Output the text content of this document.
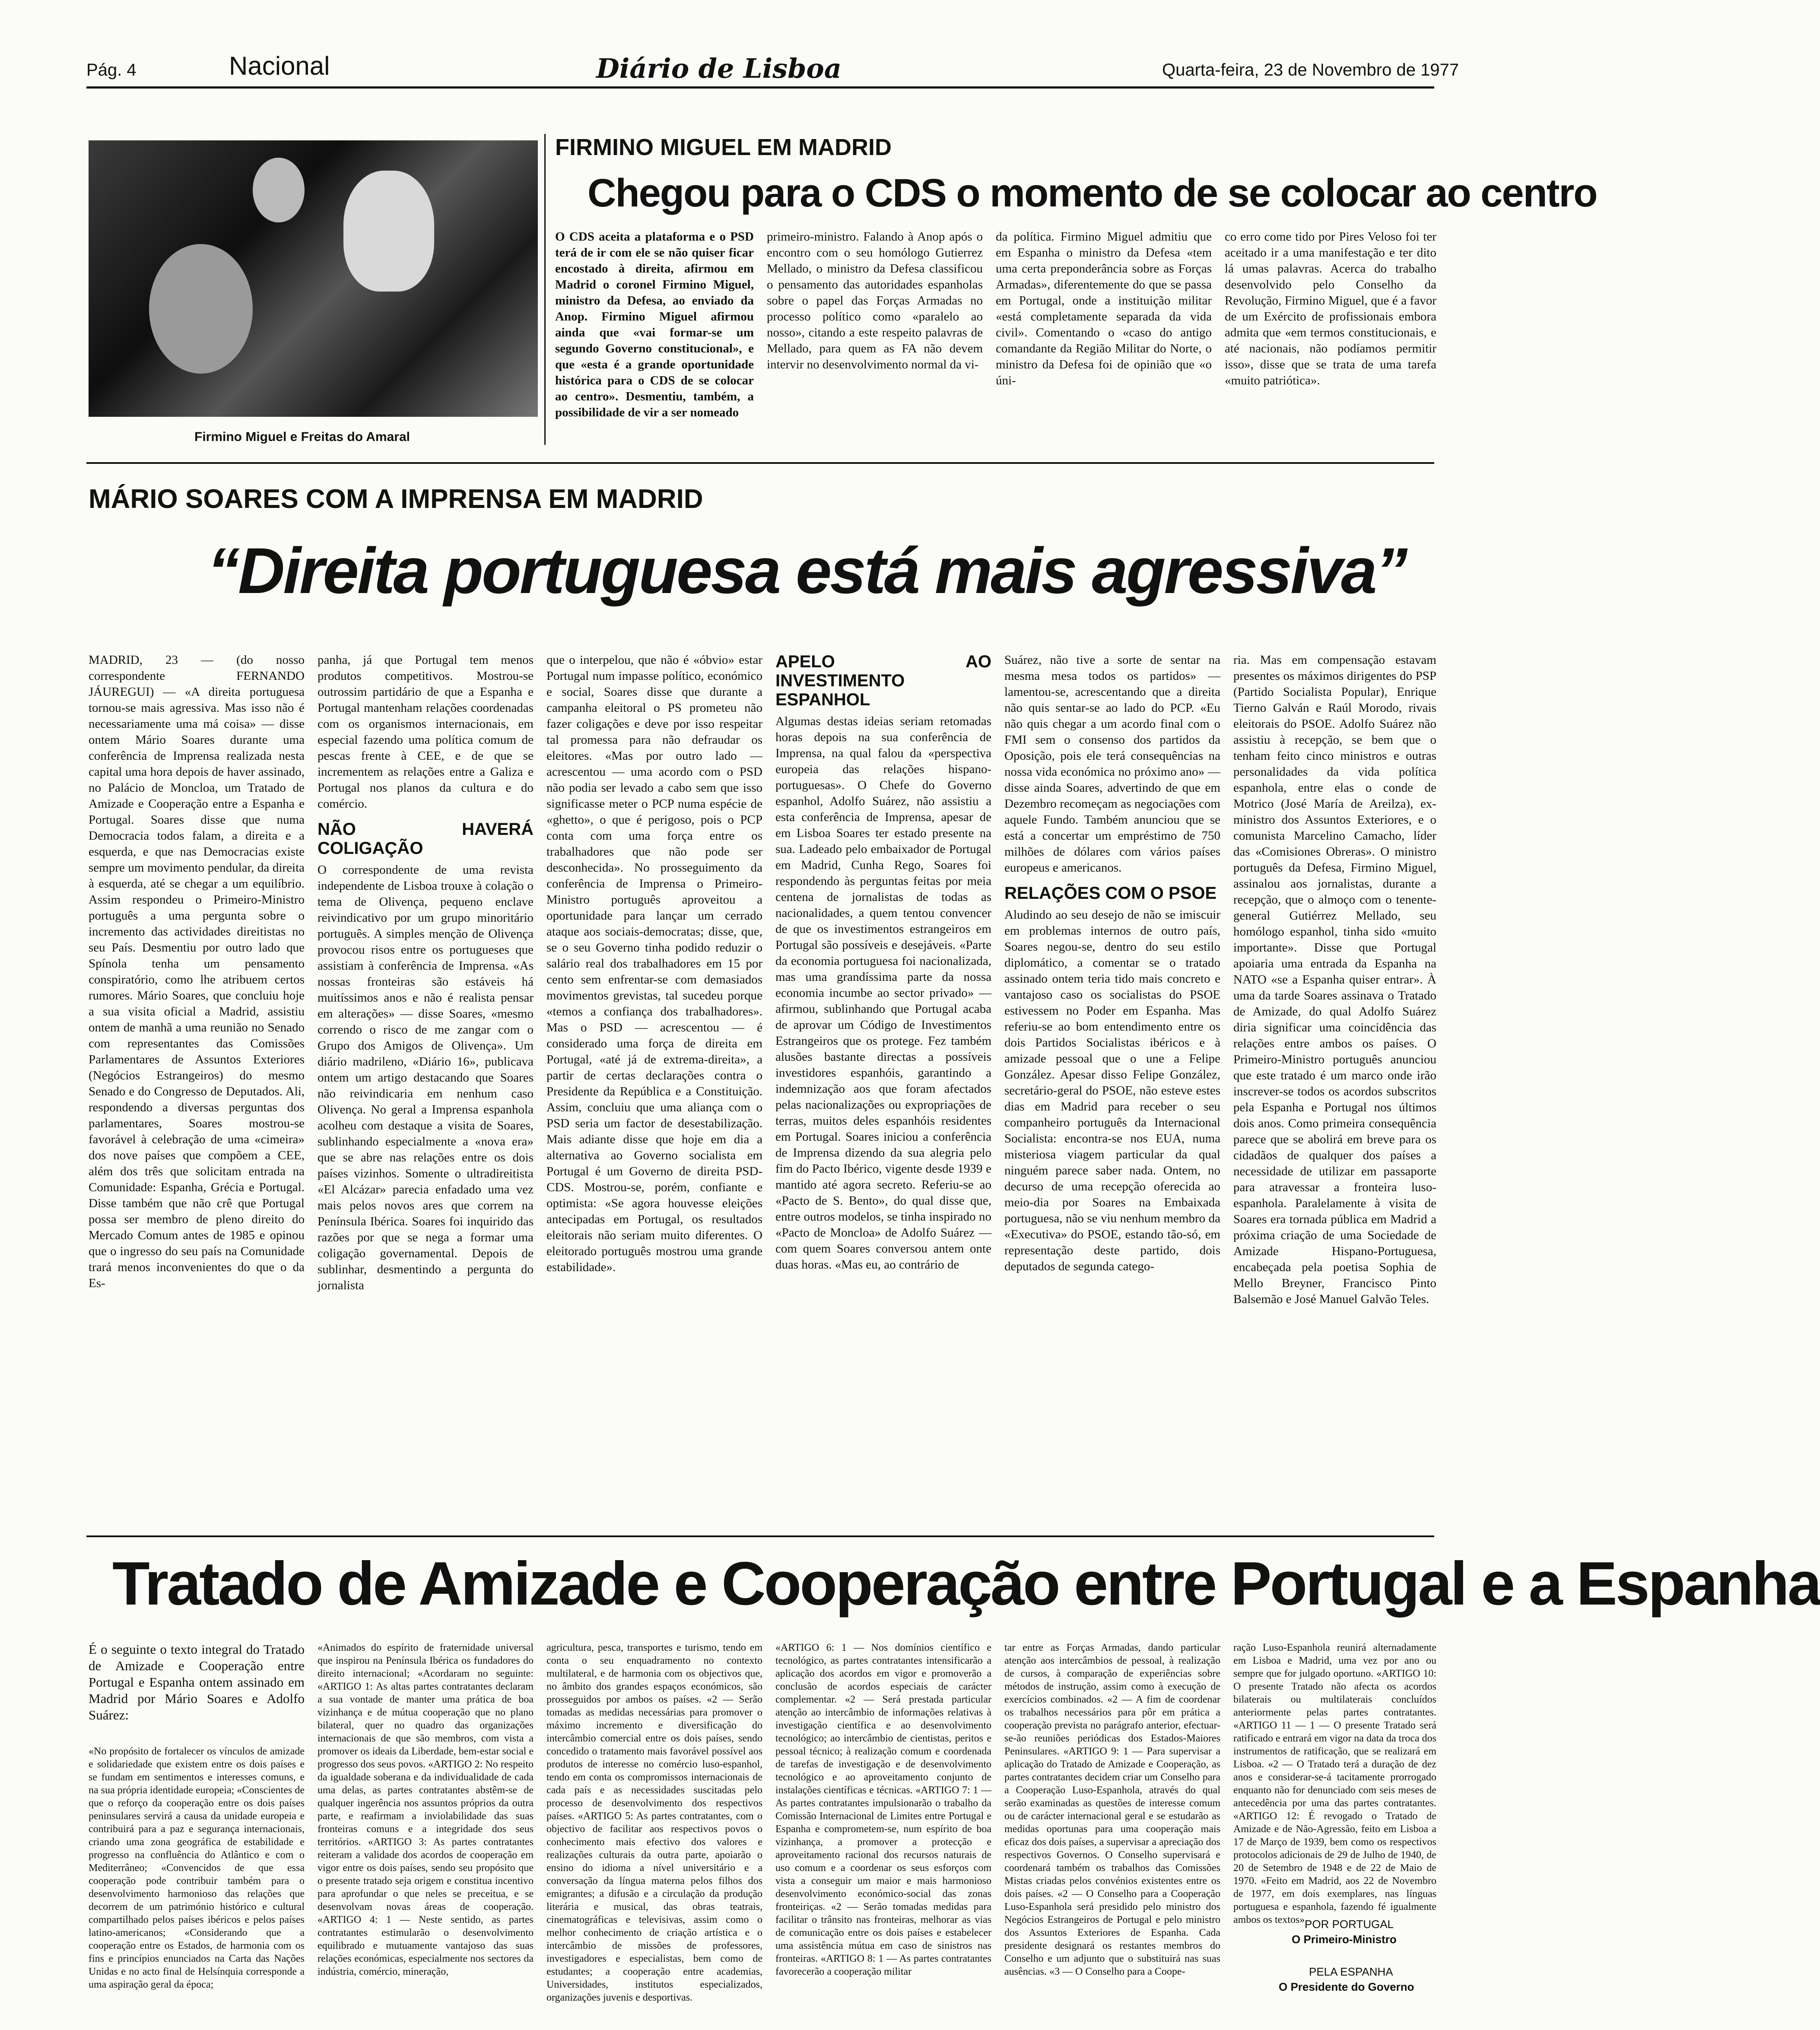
Pág. 4	Nacional	Diário de Lisboa	Quarta-feira, 23 de Novembro de 1977
Firmino Miguel e Freitas do Amaral
FIRMINO MIGUEL EM MADRID
Chegou para o CDS o momento de se colocar ao centro

O CDS aceita a plataforma e o PSD terá de ir com ele se não quiser ficar encostado à direita, afirmou em Madrid o coronel Firmino Miguel, ministro da Defesa, ao enviado da Anop. Firmino Miguel afirmou ainda que «vai formar-se um segundo Governo constitucional», e que «esta é a grande oportunidade histórica para o CDS de se colocar ao centro». Desmentiu, também, a possibilidade de vir a ser nomeado

primeiro-ministro. Falando à Anop após o encontro com o seu homólogo Gutierrez Mellado, o ministro da Defesa classificou o pensamento das autoridades espanholas sobre o papel das Forças Armadas no processo político como «paralelo ao nosso», citando a este respeito palavras de Mellado, para quem as FA não devem intervir no desenvolvimento normal da vi-

da política. Firmino Miguel admitiu que em Espanha o ministro da Defesa «tem uma certa preponderância sobre as Forças Armadas», diferentemente do que se passa em Portugal, onde a instituição militar «está completamente separada da vida civil». Comentando o «caso do antigo comandante da Região Militar do Norte, o ministro da Defesa foi de opinião que «o úni-

co erro come tido por Pires Veloso foi ter aceitado ir a uma manifestação e ter dito lá umas palavras. Acerca do trabalho desenvolvido pelo Conselho da Revolução, Firmino Miguel, que é a favor de um Exército de profissionais embora admita que «em termos constitucionais, e até nacionais, não podíamos permitir isso», disse que se trata de uma tarefa «muito patriótica».

MÁRIO SOARES COM A IMPRENSA EM MADRID
“Direita portuguesa está mais agressiva”

MADRID, 23 — (do nosso correspondente FERNANDO JÁUREGUI) — «A direita portuguesa tornou-se mais agressiva. Mas isso não é necessariamente uma má coisa» — disse ontem Mário Soares durante uma conferência de Imprensa realizada nesta capital uma hora depois de haver assinado, no Palácio de Moncloa, um Tratado de Amizade e Cooperação entre a Espanha e Portugal. Soares disse que numa Democracia todos falam, a direita e a esquerda, e que nas Democracias existe sempre um movimento pendular, da direita à esquerda, até se chegar a um equilíbrio. Assim respondeu o Primeiro-Ministro português a uma pergunta sobre o incremento das actividades direitistas no seu País. Desmentiu por outro lado que Spínola tenha um pensamento conspiratório, como lhe atribuem certos rumores. Mário Soares, que concluiu hoje a sua visita oficial a Madrid, assistiu ontem de manhã a uma reunião no Senado com representantes das Comissões Parlamentares de Assuntos Exteriores (Negócios Estrangeiros) do mesmo Senado e do Congresso de Deputados. Ali, respondendo a diversas perguntas dos parlamentares, Soares mostrou-se favorável à celebração de uma «cimeira» dos nove países que compõem a CEE, além dos três que solicitam entrada na Comunidade: Espanha, Grécia e Portugal. Disse também que não crê que Portugal possa ser membro de pleno direito do Mercado Comum antes de 1985 e opinou que o ingresso do seu país na Comunidade trará menos inconvenientes do que o da Es-

panha, já que Portugal tem menos produtos competitivos. Mostrou-se outrossim partidário de que a Espanha e Portugal mantenham relações coordenadas com os organismos internacionais, em especial fazendo uma política comum de pescas frente à CEE, e de que se incrementem as relações entre a Galiza e Portugal nos planos da cultura e do comércio.

NÃO HAVERÁ COLIGAÇÃO

O correspondente de uma revista independente de Lisboa trouxe à colação o tema de Olivença, pequeno enclave reivindicativo por um grupo minoritário português. A simples menção de Olivença provocou risos entre os portugueses que assistiam à conferência de Imprensa. «As nossas fronteiras são estáveis há muitíssimos anos e não é realista pensar em alterações» — disse Soares, «mesmo correndo o risco de me zangar com o Grupo dos Amigos de Olivença». Um diário madrileno, «Diário 16», publicava ontem um artigo destacando que Soares não reivindicaria em nenhum caso Olivença. No geral a Imprensa espanhola acolheu com destaque a visita de Soares, sublinhando especialmente a «nova era» que se abre nas relações entre os dois países vizinhos. Somente o ultradireitista «El Alcázar» parecia enfadado uma vez mais pelos novos ares que correm na Península Ibérica. Soares foi inquirido das razões por que se nega a formar uma coligação governamental. Depois de sublinhar, desmentindo a pergunta do jornalista

que o interpelou, que não é «óbvio» estar Portugal num impasse político, económico e social, Soares disse que durante a campanha eleitoral o PS prometeu não fazer coligações e deve por isso respeitar tal promessa para não defraudar os eleitores. «Mas por outro lado — acrescentou — uma acordo com o PSD não podia ser levado a cabo sem que isso significasse meter o PCP numa espécie de «ghetto», o que é perigoso, pois o PCP conta com uma força entre os trabalhadores que não pode ser desconhecida». No prosseguimento da conferência de Imprensa o Primeiro-Ministro português aproveitou a oportunidade para lançar um cerrado ataque aos sociais-democratas; disse, que, se o seu Governo tinha podido reduzir o salário real dos trabalhadores em 15 por cento sem enfrentar-se com demasiados movimentos grevistas, tal sucedeu porque «temos a confiança dos trabalhadores». Mas o PSD — acrescentou — é considerado uma força de direita em Portugal, «até já de extrema-direita», a partir de certas declarações contra o Presidente da República e a Constituição. Assim, concluiu que uma aliança com o PSD seria um factor de desestabilização. Mais adiante disse que hoje em dia a alternativa ao Governo socialista em Portugal é um Governo de direita PSD-CDS. Mostrou-se, porém, confiante e optimista: «Se agora houvesse eleições antecipadas em Portugal, os resultados eleitorais não seriam muito diferentes. O eleitorado português mostrou uma grande estabilidade».

APELO AO INVESTIMENTO ESPANHOL

Algumas destas ideias seriam retomadas horas depois na sua conferência de Imprensa, na qual falou da «perspectiva europeia das relações hispano-portuguesas». O Chefe do Governo espanhol, Adolfo Suárez, não assistiu a esta conferência de Imprensa, apesar de em Lisboa Soares ter estado presente na sua. Ladeado pelo embaixador de Portugal em Madrid, Cunha Rego, Soares foi respondendo às perguntas feitas por meia centena de jornalistas de todas as nacionalidades, a quem tentou convencer de que os investimentos estrangeiros em Portugal são possíveis e desejáveis. «Parte da economia portuguesa foi nacionalizada, mas uma grandíssima parte da nossa economia incumbe ao sector privado» — afirmou, sublinhando que Portugal acaba de aprovar um Código de Investimentos Estrangeiros que os protege. Fez também alusões bastante directas a possíveis investidores espanhóis, garantindo a indemnização aos que foram afectados pelas nacionalizações ou expropriações de terras, muitos deles espanhóis residentes em Portugal. Soares iniciou a conferência de Imprensa dizendo da sua alegria pelo fim do Pacto Ibérico, vigente desde 1939 e mantido até agora secreto. Referiu-se ao «Pacto de S. Bento», do qual disse que, entre outros modelos, se tinha inspirado no «Pacto de Moncloa» de Adolfo Suárez — com quem Soares conversou antem onte duas horas. «Mas eu, ao contrário de

Suárez, não tive a sorte de sentar na mesma mesa todos os partidos» — lamentou-se, acrescentando que a direita não quis sentar-se ao lado do PCP. «Eu não quis chegar a um acordo final com o FMI sem o consenso dos partidos da Oposição, pois ele terá consequências na nossa vida económica no próximo ano» — disse ainda Soares, advertindo de que em Dezembro recomeçam as negociações com aquele Fundo. Também anunciou que se está a concertar um empréstimo de 750 milhões de dólares com vários países europeus e americanos.

RELAÇÕES COM O PSOE

Aludindo ao seu desejo de não se imiscuir em problemas internos de outro país, Soares negou-se, dentro do seu estilo diplomático, a comentar se o tratado assinado ontem teria tido mais concreto e vantajoso caso os socialistas do PSOE estivessem no Poder em Espanha. Mas referiu-se ao bom entendimento entre os dois Partidos Socialistas ibéricos e à amizade pessoal que o une a Felipe González. Apesar disso Felipe González, secretário-geral do PSOE, não esteve estes dias em Madrid para receber o seu companheiro português da Internacional Socialista: encontra-se nos EUA, numa misteriosa viagem particular da qual ninguém parece saber nada. Ontem, no decurso de uma recepção oferecida ao meio-dia por Soares na Embaixada portuguesa, não se viu nenhum membro da «Executiva» do PSOE, estando tão-só, em representação deste partido, dois deputados de segunda catego-

ria. Mas em compensação estavam presentes os máximos dirigentes do PSP (Partido Socialista Popular), Enrique Tierno Galván e Raúl Morodo, rivais eleitorais do PSOE. Adolfo Suárez não assistiu à recepção, se bem que o tenham feito cinco ministros e outras personalidades da vida política espanhola, entre elas o conde de Motrico (José María de Areilza), ex-ministro dos Assuntos Exteriores, e o comunista Marcelino Camacho, líder das «Comisiones Obreras». O ministro português da Defesa, Firmino Miguel, assinalou aos jornalistas, durante a recepção, que o almoço com o tenente-general Gutiérrez Mellado, seu homólogo espanhol, tinha sido «muito importante». Disse que Portugal apoiaria uma entrada da Espanha na NATO «se a Espanha quiser entrar». À uma da tarde Soares assinava o Tratado de Amizade, do qual Adolfo Suárez diria significar uma coincidência das relações entre ambos os países. O Primeiro-Ministro português anunciou que este tratado é um marco onde irão inscrever-se todos os acordos subscritos pela Espanha e Portugal nos últimos dois anos. Como primeira consequência parece que se abolirá em breve para os cidadãos de qualquer dos países a necessidade de utilizar em passaporte para atravessar a fronteira luso-espanhola. Paralelamente à visita de Soares era tornada pública em Madrid a próxima criação de uma Sociedade de Amizade Hispano-Portuguesa, encabeçada pela poetisa Sophia de Mello Breyner, Francisco Pinto Balsemão e José Manuel Galvão Teles.

Tratado de Amizade e Cooperação entre Portugal e a Espanha

É o seguinte o texto integral do Tratado de Amizade e Cooperação entre Portugal e Espanha ontem assinado em Madrid por Mário Soares e Adolfo Suárez:

«No propósito de fortalecer os vínculos de amizade e solidariedade que existem entre os dois países e se fundam em sentimentos e interesses comuns, e na sua própria identidade europeia; «Conscientes de que o reforço da cooperação entre os dois países peninsulares servirá a causa da unidade europeia e contribuirá para a paz e segurança internacionais, criando uma zona geográfica de estabilidade e progresso na confluência do Atlântico e com o Mediterrâneo; «Convencidos de que essa cooperação pode contribuir também para o desenvolvimento harmonioso das relações que decorrem de um património histórico e cultural compartilhado pelos países ibéricos e pelos países latino-americanos; «Considerando que a cooperação entre os Estados, de harmonia com os fins e princípios enunciados na Carta das Nações Unidas e no acto final de Helsínquia corresponde a uma aspiração geral da época;

«Animados do espírito de fraternidade universal que inspirou na Península Ibérica os fundadores do direito internacional; «Acordaram no seguinte: «ARTIGO 1: As altas partes contratantes declaram a sua vontade de manter uma prática de boa vizinhança e de mútua cooperação que no plano bilateral, quer no quadro das organizações internacionais de que são membros, com vista a promover os ideais da Liberdade, bem-estar social e progresso dos seus povos. «ARTIGO 2: No respeito da igualdade soberana e da individualidade de cada uma delas, as partes contratantes abstêm-se de qualquer ingerência nos assuntos próprios da outra parte, e reafirmam a inviolabilidade das suas fronteiras comuns e a integridade dos seus territórios. «ARTIGO 3: As partes contratantes reiteram a validade dos acordos de cooperação em vigor entre os dois países, sendo seu propósito que o presente tratado seja origem e constitua incentivo para aprofundar o que neles se preceitua, e se desenvolvam novas áreas de cooperação. «ARTIGO 4: 1 — Neste sentido, as partes contratantes estimularão o desenvolvimento equilibrado e mutuamente vantajoso das suas relações económicas, especialmente nos sectores da indústria, comércio, mineração,

agricultura, pesca, transportes e turismo, tendo em conta o seu enquadramento no contexto multilateral, e de harmonia com os objectivos que, no âmbito dos grandes espaços económicos, são prosseguidos por ambos os países. «2 — Serão tomadas as medidas necessárias para promover o máximo incremento e diversificação do intercâmbio comercial entre os dois países, sendo concedido o tratamento mais favorável possível aos produtos de interesse no comércio luso-espanhol, tendo em conta os compromissos internacionais de cada país e as necessidades suscitadas pelo processo de desenvolvimento dos respectivos países. «ARTIGO 5: As partes contratantes, com o objectivo de facilitar aos respectivos povos o conhecimento mais efectivo dos valores e realizações culturais da outra parte, apoiarão o ensino do idioma a nível universitário e a conversação da língua materna pelos filhos dos emigrantes; a difusão e a circulação da produção literária e musical, das obras teatrais, cinematográficas e televisivas, assim como o melhor conhecimento de criação artística e o intercâmbio de missões de professores, investigadores e especialistas, bem como de estudantes; a cooperação entre academias, Universidades, institutos especializados, organizações juvenis e desportivas.

«ARTIGO 6: 1 — Nos domínios científico e tecnológico, as partes contratantes intensificarão a aplicação dos acordos em vigor e promoverão a conclusão de acordos especiais de carácter complementar. «2 — Será prestada particular atenção ao intercâmbio de informações relativas à investigação científica e ao desenvolvimento tecnológico; ao intercâmbio de cientistas, peritos e pessoal técnico; à realização comum e coordenada de tarefas de investigação e de desenvolvimento tecnológico e ao aproveitamento conjunto de instalações científicas e técnicas. «ARTIGO 7: 1 — As partes contratantes impulsionarão o trabalho da Comissão Internacional de Limites entre Portugal e Espanha e comprometem-se, num espírito de boa vizinhança, a promover a protecção e aproveitamento racional dos recursos naturais de uso comum e a coordenar os seus esforços com vista a conseguir um maior e mais harmonioso desenvolvimento económico-social das zonas fronteiriças. «2 — Serão tomadas medidas para facilitar o trânsito nas fronteiras, melhorar as vias de comunicação entre os dois países e estabelecer uma assistência mútua em caso de sinistros nas fronteiras. «ARTIGO 8: 1 — As partes contratantes favorecerão a cooperação militar

tar entre as Forças Armadas, dando particular atenção aos intercâmbios de pessoal, à realização de cursos, à comparação de experiências sobre métodos de instrução, assim como à execução de exercícios combinados. «2 — A fim de coordenar os trabalhos necessários para pôr em prática a cooperação prevista no parágrafo anterior, efectuar-se-ão reuniões periódicas dos Estados-Maiores Peninsulares. «ARTIGO 9: 1 — Para supervisar a aplicação do Tratado de Amizade e Cooperação, as partes contratantes decidem criar um Conselho para a Cooperação Luso-Espanhola, através do qual serão examinadas as questões de interesse comum ou de carácter internacional geral e se estudarão as medidas oportunas para uma cooperação mais eficaz dos dois países, a supervisar a apreciação dos respectivos Governos. O Conselho supervisará e coordenará também os trabalhos das Comissões Mistas criadas pelos convénios existentes entre os dois países. «2 — O Conselho para a Cooperação Luso-Espanhola será presidido pelo ministro dos Negócios Estrangeiros de Portugal e pelo ministro dos Assuntos Exteriores de Espanha. Cada presidente designará os restantes membros do Conselho e um adjunto que o substituirá nas suas ausências. «3 — O Conselho para a Coope-

ração Luso-Espanhola reunirá alternadamente em Lisboa e Madrid, uma vez por ano ou sempre que for julgado oportuno. «ARTIGO 10: O presente Tratado não afecta os acordos bilaterais ou multilaterais concluídos anteriormente pelas partes contratantes. «ARTIGO 11 — 1 — O presente Tratado será ratificado e entrará em vigor na data da troca dos instrumentos de ratificação, que se realizará em Lisboa. «2 — O Tratado terá a duração de dez anos e considerar-se-á tacitamente prorrogado enquanto não for denunciado com seis meses de antecedência por uma das partes contratantes. «ARTIGO 12: É revogado o Tratado de Amizade e de Não-Agressão, feito em Lisboa a 17 de Março de 1939, bem como os respectivos protocolos adicionais de 29 de Julho de 1940, de 20 de Setembro de 1948 e de 22 de Maio de 1970. «Feito em Madrid, aos 22 de Novembro de 1977, em dois exemplares, nas línguas portuguesa e espanhola, fazendo fé igualmente ambos os textos».

POR PORTUGAL
O Primeiro-Ministro
PELA ESPANHA
O Presidente do Governo
